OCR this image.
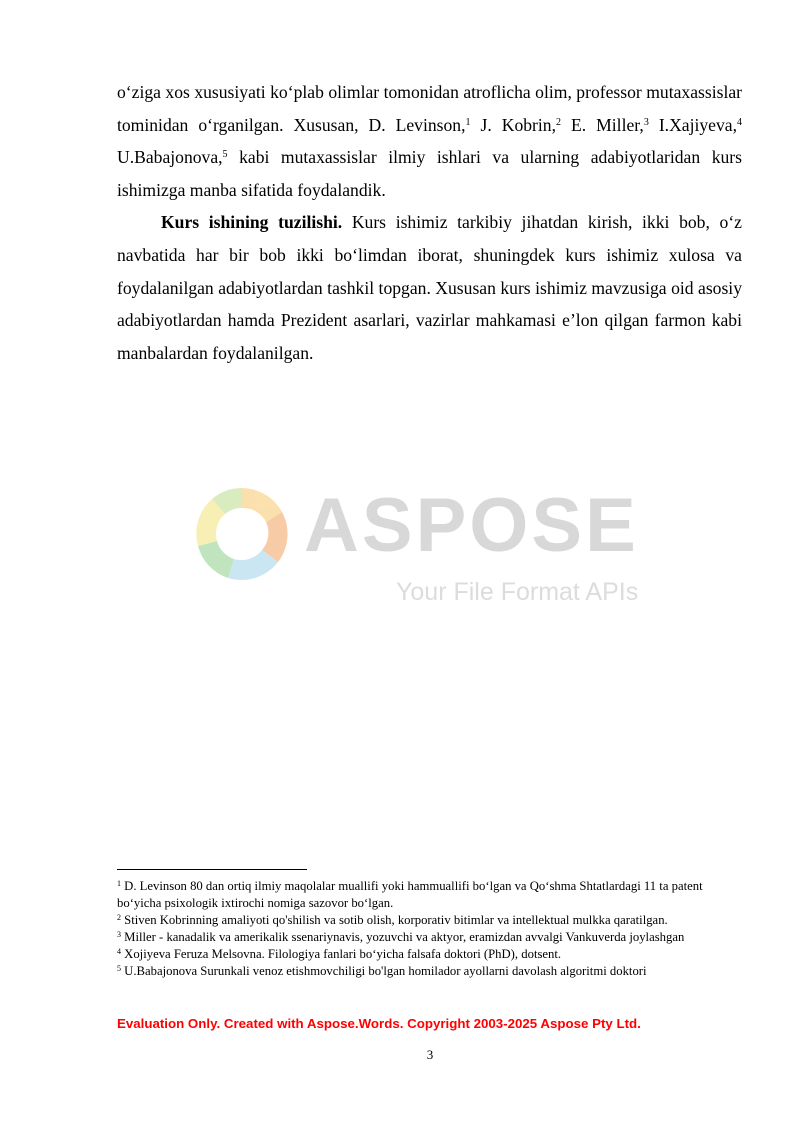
o‘ziga xos xususiyati ko‘plab olimlar tomonidan atroflicha olim, professor mutaxassislar tominidan o‘rganilgan. Xususan, D. Levinson,$^1$ J. Kobrin,$^2$ E. Miller,$^3$ I.Xajiyeva,$^4$ U.Babajonova,$^5$ kabi mutaxassislar ilmiy ishlari va ularning adabiyotlaridan kurs ishimizga manba sifatida foydalandik.

Kurs ishining tuzilishi. Kurs ishimiz tarkibiy jihatdan kirish, ikki bob, o‘z navbatida har bir bob ikki bo‘limdan iborat, shuningdek kurs ishimiz xulosa va foydalanilgan adabiyotlardan tashkil topgan. Xususan kurs ishimiz mavzusiga oid asosiy adabiyotlardan hamda Prezident asarlari, vazirlar mahkamasi e’lon qilgan farmon kabi manbalardan foydalanilgan.

ASPOSE
Your File Format APIs

$^1$ D. Levinson 80 dan ortiq ilmiy maqolalar muallifi yoki hammuallifi bo‘lgan va Qo‘shma Shtatlardagi 11 ta patent bo‘yicha psixologik ixtirochi nomiga sazovor bo‘lgan.

$^2$ Stiven Kobrinning amaliyoti qo'shilish va sotib olish, korporativ bitimlar va intellektual mulkka qaratilgan.

$^3$ Miller - kanadalik va amerikalik ssenariynavis, yozuvchi va aktyor, eramizdan avvalgi Vankuverda joylashgan

$^4$ Xojiyeva Feruza Melsovna. Filologiya fanlari bo‘yicha falsafa doktori (PhD), dotsent.

$^5$ U.Babajonova Surunkali venoz etishmovchiligi bo'lgan homilador ayollarni davolash algoritmi doktori

Evaluation Only. Created with Aspose.Words. Copyright 2003-2025 Aspose Pty Ltd.
3
